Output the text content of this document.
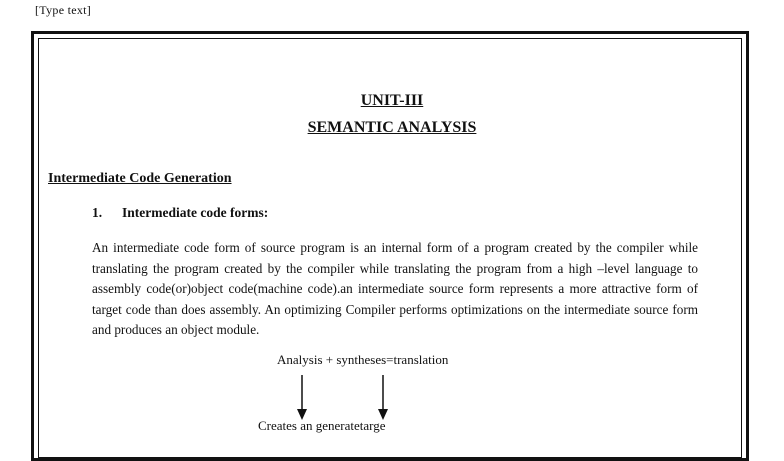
[Type text]
UNIT-III
SEMANTIC ANALYSIS
Intermediate Code Generation
1. Intermediate code forms:

An intermediate code form of source program is an internal form of a program created by the compiler while translating the program created by the compiler while translating the program from a high –level language to assembly code(or)object code(machine code).an intermediate source form represents a more attractive form of target code than does assembly. An optimizing Compiler performs optimizations on the intermediate source form and produces an object module.

Analysis + syntheses=translation
Creates an generatetarge
